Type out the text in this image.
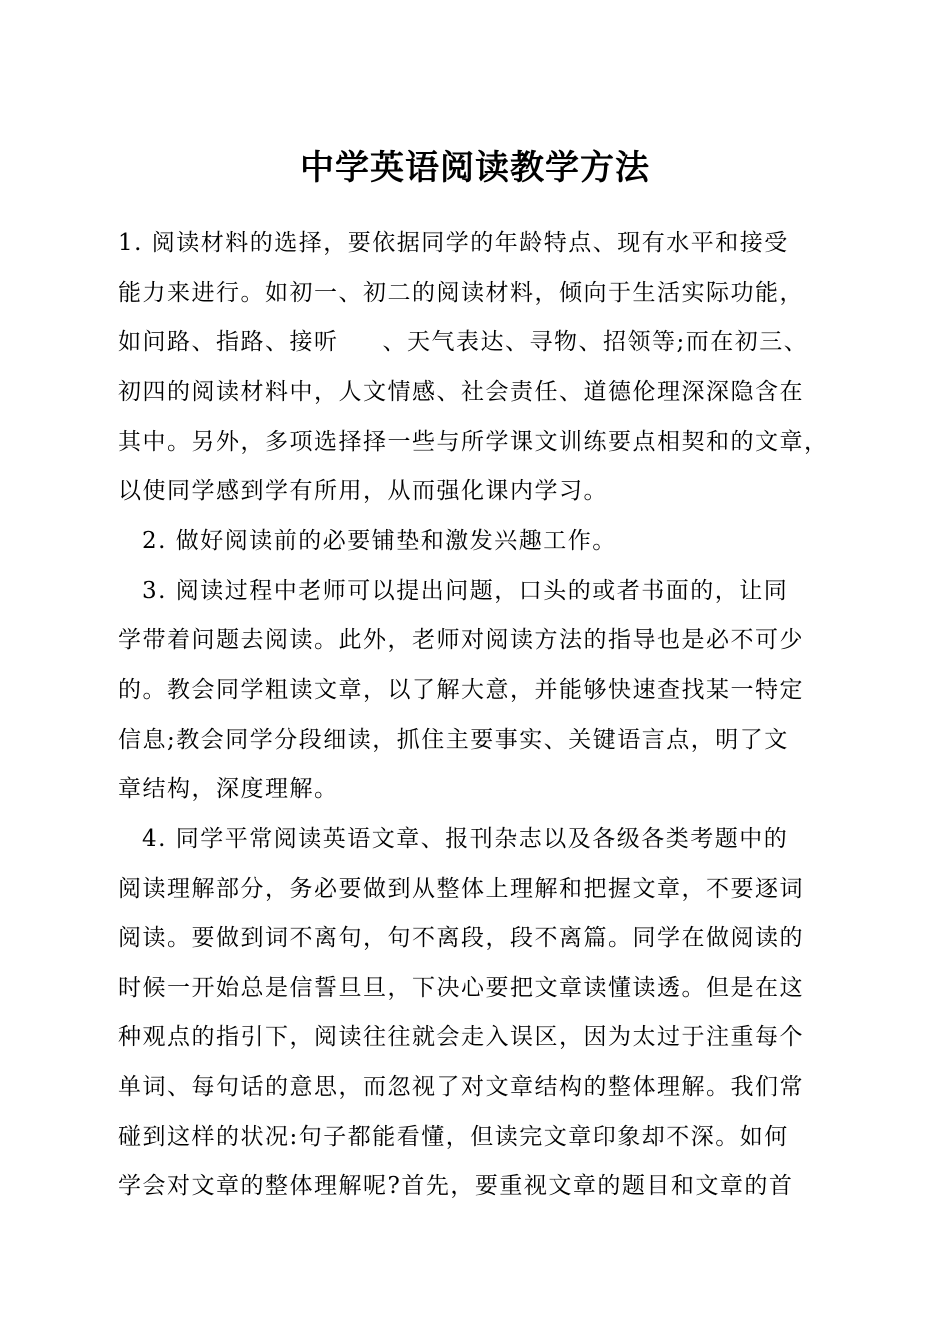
中学英语阅读教学方法
1. 阅读材料的选择，要依据同学的年龄特点、现有水平和接受
能力来进行。如初一、初二的阅读材料，倾向于生活实际功能，
如问路、指路、接听     、天气表达、寻物、招领等;而在初三、
初四的阅读材料中，人文情感、社会责任、道德伦理深深隐含在
其中。另外，多项选择择一些与所学课文训练要点相契和的文章，
以使同学感到学有所用，从而强化课内学习。
2. 做好阅读前的必要铺垫和激发兴趣工作。
3. 阅读过程中老师可以提出问题，口头的或者书面的，让同
学带着问题去阅读。此外，老师对阅读方法的指导也是必不可少
的。教会同学粗读文章，以了解大意，并能够快速查找某一特定
信息;教会同学分段细读，抓住主要事实、关键语言点，明了文
章结构，深度理解。
4. 同学平常阅读英语文章、报刊杂志以及各级各类考题中的
阅读理解部分，务必要做到从整体上理解和把握文章，不要逐词
阅读。要做到词不离句，句不离段，段不离篇。同学在做阅读的
时候一开始总是信誓旦旦，下决心要把文章读懂读透。但是在这
种观点的指引下，阅读往往就会走入误区，因为太过于注重每个
单词、每句话的意思，而忽视了对文章结构的整体理解。我们常
碰到这样的状况:句子都能看懂，但读完文章印象却不深。如何
学会对文章的整体理解呢?首先，要重视文章的题目和文章的首
